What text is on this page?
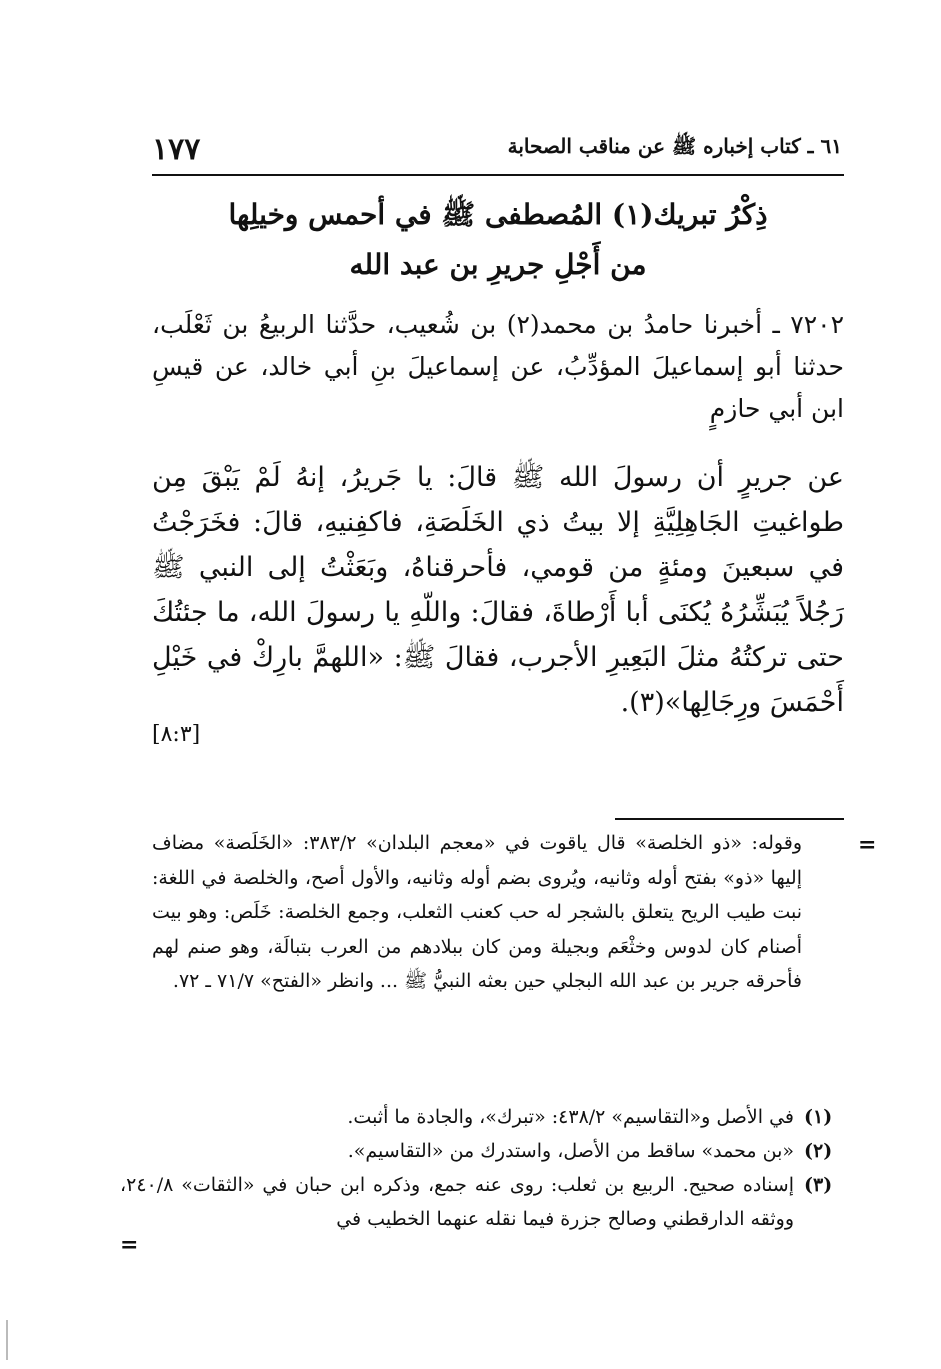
١٧٧	٦١ ـ كتاب إخباره ﷺ عن مناقب الصحابة
ذِكْرُ تبريك(١) المُصطفى ﷺ في أحمس وخيلِها
من أَجْلِ جريرِ بن عبد الله
٧٢٠٢ ـ أخبرنا حامدُ بن محمد(٢) بن شُعيب، حدَّثنا الربيعُ بن ثَعْلَب، حدثنا أبو إسماعيلَ المؤدِّبُ، عن إسماعيلَ بنِ أبي خالد، عن قيسِ ابن أبي حازمٍ
عن جريرٍ أن رسولَ الله ﷺ قالَ: يا جَريرُ، إنهُ لَمْ يَبْقَ مِن طواغيتِ الجَاهِلِيَّةِ إلا بيتُ ذي الخَلَصَةِ، فاكفِنيهِ، قالَ: فخَرَجْتُ في سبعينَ ومئةٍ من قومي، فأحرقناهُ، وبَعَثْتُ إلى النبي ﷺ رَجُلاً يُبَشِّرُهُ يُكنَى أبا أَرْطاةَ، فقالَ: واللّهِ يا رسولَ الله، ما جئتُكَ حتى تركتُهُ مثلَ البَعِيرِ الأجرب، فقالَ ﷺ: «اللهمَّ بارِكْ في خَيْلِ أَحْمَسَ ورِجَالِها»(٣).
[٨:٣]
=
وقوله: «ذو الخلصة» قال ياقوت في «معجم البلدان» ٣٨٣/٢: «الخَلَصة» مضاف إليها «ذو» بفتح أوله وثانيه، ويُروى بضم أوله وثانيه، والأول أصح، والخلصة في اللغة: نبت طيب الريح يتعلق بالشجر له حب كعنب الثعلب، وجمع الخلصة: خَلَص: وهو بيت أصنام كان لدوس وخثْعَم وبجيلة ومن كان ببلادهم من العرب بتبالَة، وهو صنم لهم فأحرقه جرير بن عبد الله البجلي حين بعثه النبيُّ ﷺ ... وانظر «الفتح» ٧١/٧ ـ ٧٢.
(١)
في الأصل و«التقاسيم» ٤٣٨/٢: «تبرك»، والجادة ما أثبت.
(٢)
«بن محمد» ساقط من الأصل، واستدرك من «التقاسيم».
(٣)
إسناده صحيح. الربيع بن ثعلب: روى عنه جمع، وذكره ابن حبان في «الثقات» ٢٤٠/٨، ووثقه الدارقطني وصالح جزرة فيما نقله عنهما الخطيب في
=
